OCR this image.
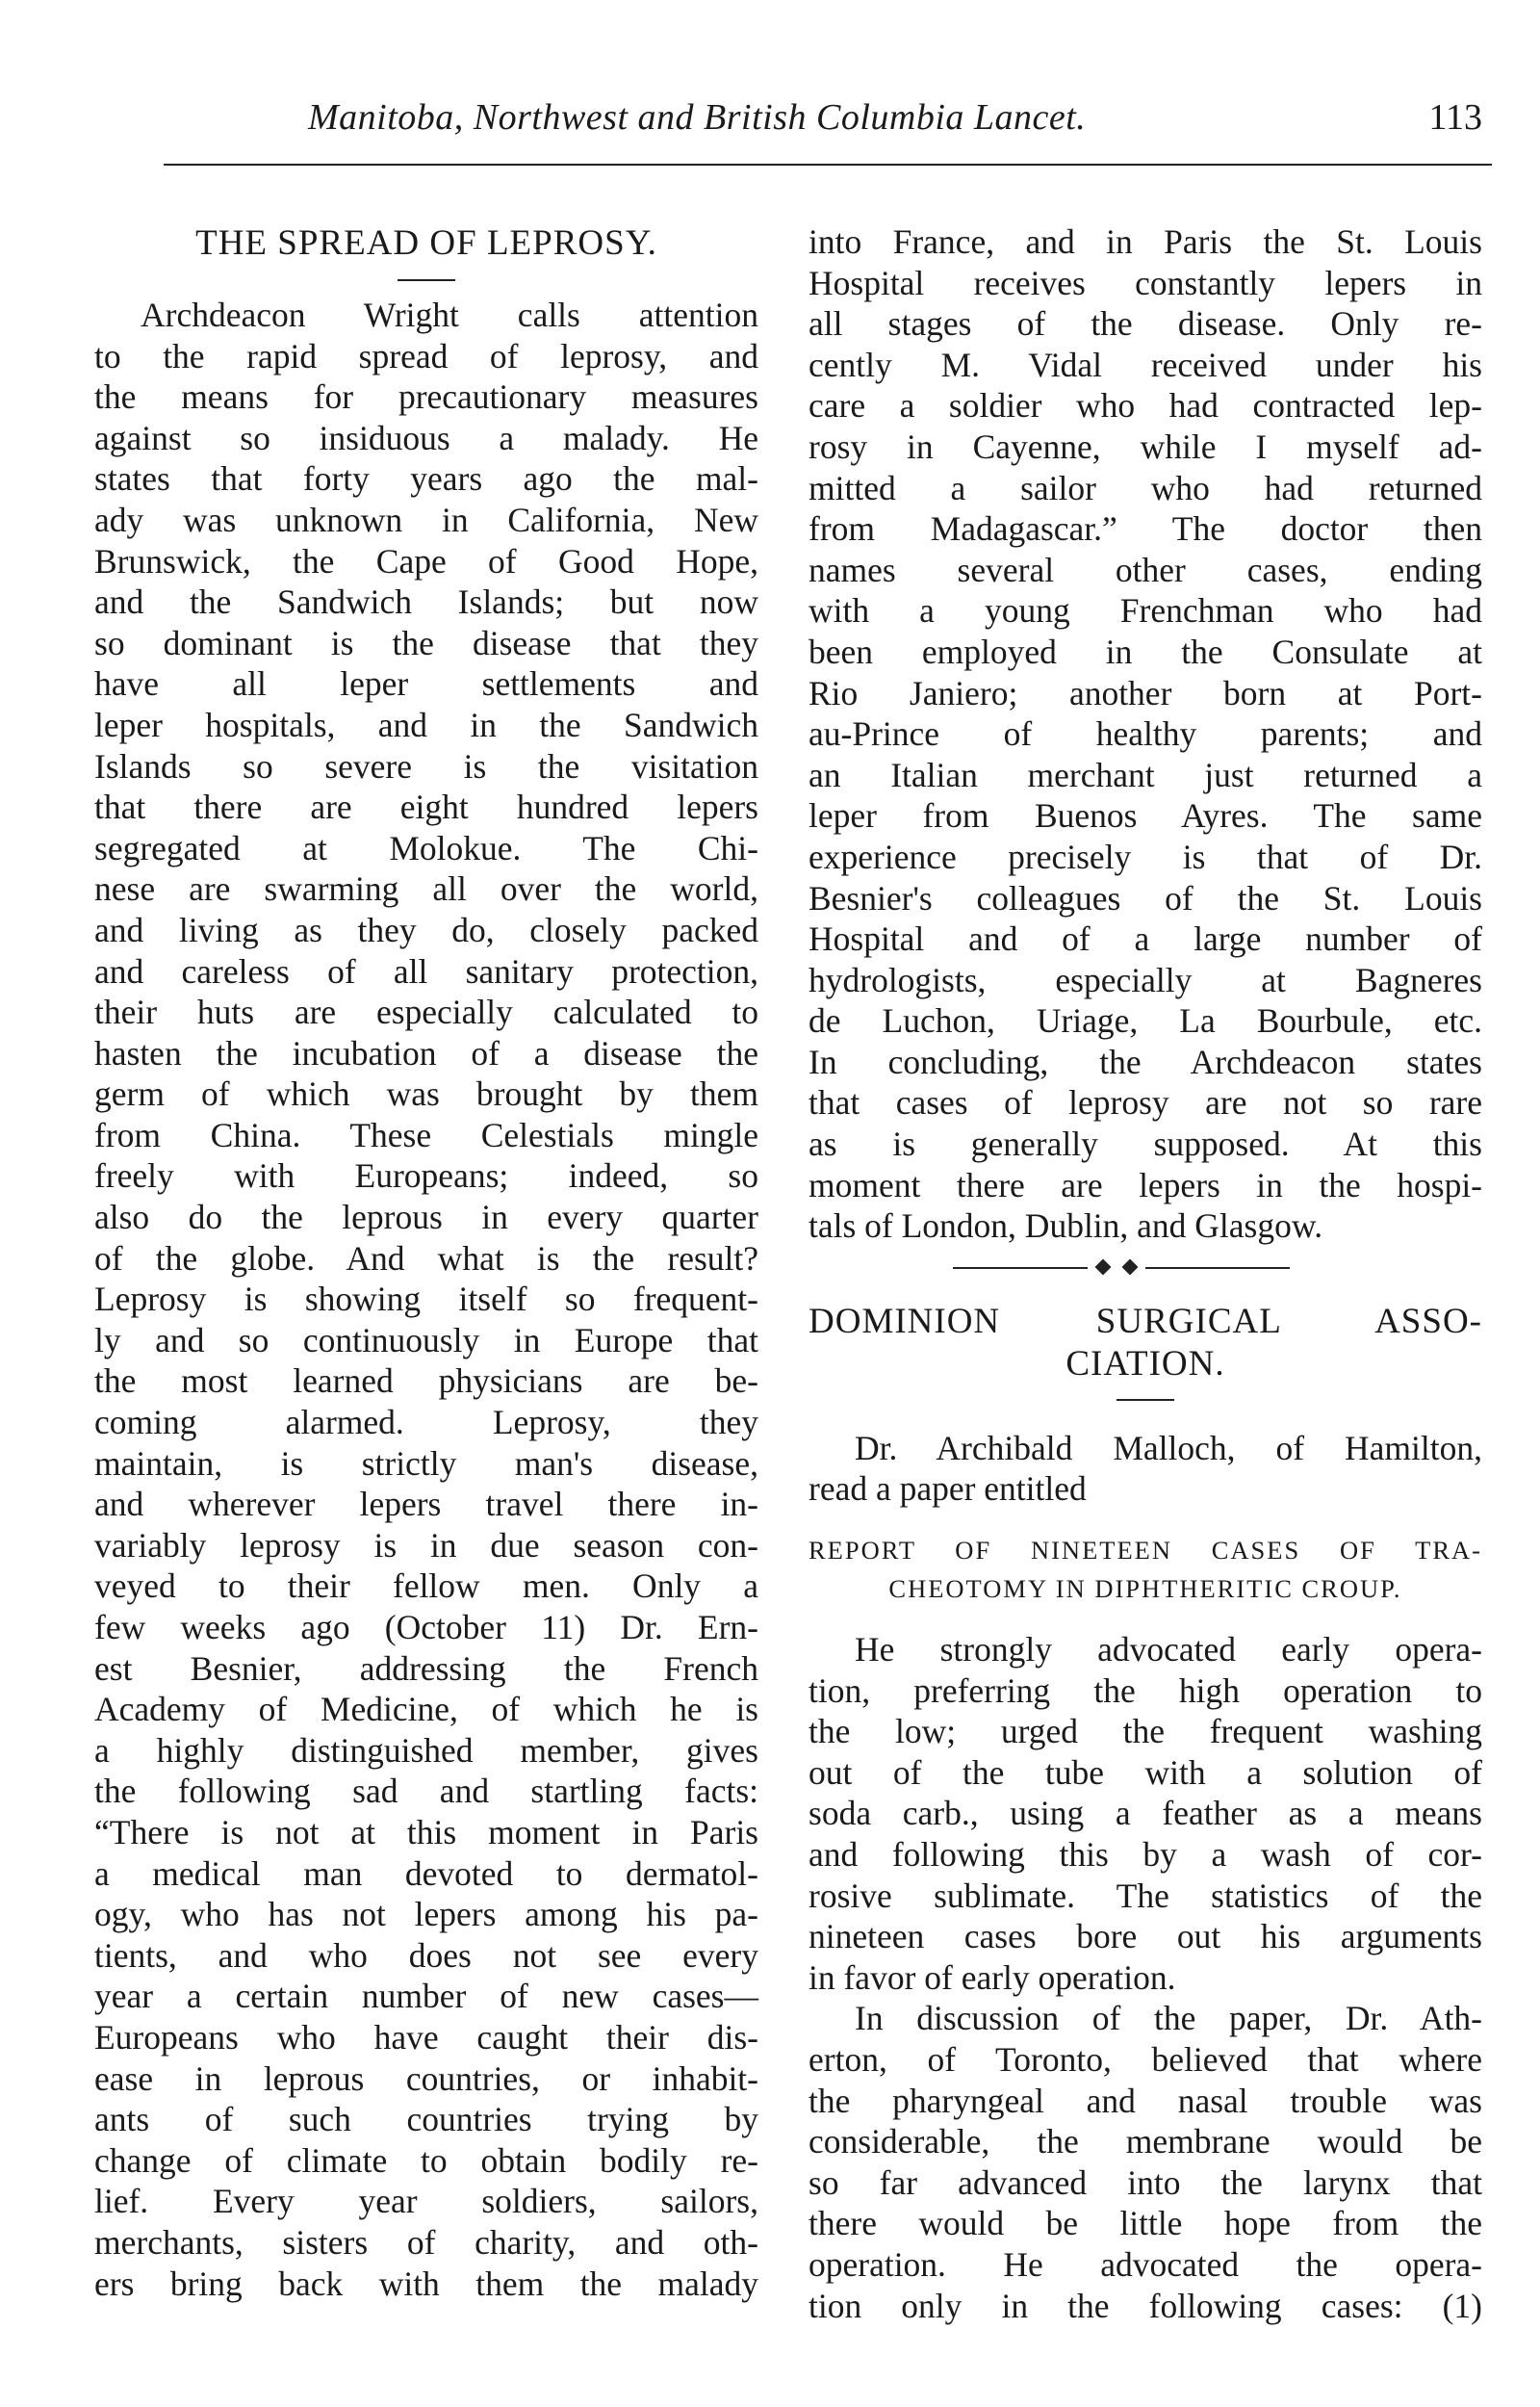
Manitoba, Northwest and British Columbia Lancet.	113
THE SPREAD OF LEPROSY.
Archdeacon Wright calls attention
to the rapid spread of leprosy, and
the means for precautionary measures
against so insiduous a malady. He
states that forty years ago the mal-
ady was unknown in California, New
Brunswick, the Cape of Good Hope,
and the Sandwich Islands; but now
so dominant is the disease that they
have all leper settlements and
leper hospitals, and in the Sandwich
Islands so severe is the visitation
that there are eight hundred lepers
segregated at Molokue. The Chi-
nese are swarming all over the world,
and living as they do, closely packed
and careless of all sanitary protection,
their huts are especially calculated to
hasten the incubation of a disease the
germ of which was brought by them
from China. These Celestials mingle
freely with Europeans; indeed, so
also do the leprous in every quarter
of the globe. And what is the result?
Leprosy is showing itself so frequent-
ly and so continuously in Europe that
the most learned physicians are be-
coming alarmed. Leprosy, they
maintain, is strictly man's disease,
and wherever lepers travel there in-
variably leprosy is in due season con-
veyed to their fellow men. Only a
few weeks ago (October 11) Dr. Ern-
est Besnier, addressing the French
Academy of Medicine, of which he is
a highly distinguished member, gives
the following sad and startling facts:
“There is not at this moment in Paris
a medical man devoted to dermatol-
ogy, who has not lepers among his pa-
tients, and who does not see every
year a certain number of new cases—
Europeans who have caught their dis-
ease in leprous countries, or inhabit-
ants of such countries trying by
change of climate to obtain bodily re-
lief. Every year soldiers, sailors,
merchants, sisters of charity, and oth-
ers bring back with them the malady
into France, and in Paris the St. Louis
Hospital receives constantly lepers in
all stages of the disease. Only re-
cently M. Vidal received under his
care a soldier who had contracted lep-
rosy in Cayenne, while I myself ad-
mitted a sailor who had returned
from Madagascar.” The doctor then
names several other cases, ending
with a young Frenchman who had
been employed in the Consulate at
Rio Janiero; another born at Port-
au-Prince of healthy parents; and
an Italian merchant just returned a
leper from Buenos Ayres. The same
experience precisely is that of Dr.
Besnier's colleagues of the St. Louis
Hospital and of a large number of
hydrologists, especially at Bagneres
de Luchon, Uriage, La Bourbule, etc.
In concluding, the Archdeacon states
that cases of leprosy are not so rare
as is generally supposed. At this
moment there are lepers in the hospi-
tals of London, Dublin, and Glasgow.
DOMINION SURGICAL ASSO-
CIATION.
Dr. Archibald Malloch, of Hamilton,
read a paper entitled
REPORT OF NINETEEN CASES OF TRA-
CHEOTOMY IN DIPHTHERITIC CROUP.
He strongly advocated early opera-
tion, preferring the high operation to
the low; urged the frequent washing
out of the tube with a solution of
soda carb., using a feather as a means
and following this by a wash of cor-
rosive sublimate. The statistics of the
nineteen cases bore out his arguments
in favor of early operation.
In discussion of the paper, Dr. Ath-
erton, of Toronto, believed that where
the pharyngeal and nasal trouble was
considerable, the membrane would be
so far advanced into the larynx that
there would be little hope from the
operation. He advocated the opera-
tion only in the following cases: (1)
